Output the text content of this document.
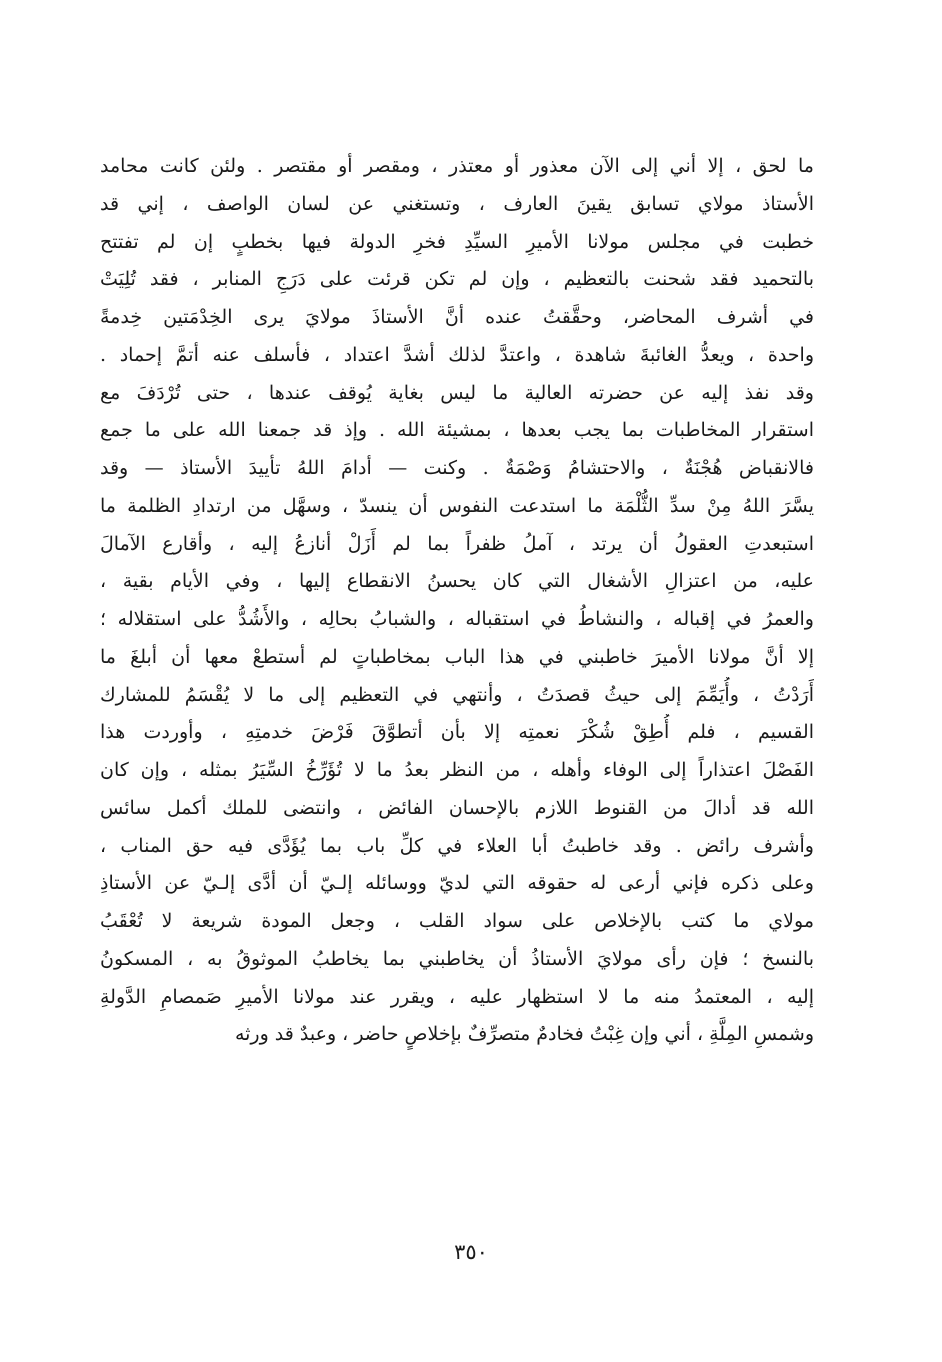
ما لحق ، إلا أني إلى الآن معذور أو معتذر ، ومقصر أو مقتصر . ولئن كانت محامد
الأستاذ مولاي تسابق يقينَ العارف ، وتستغني عن لسان الواصف ، إني قد
خطبت في مجلس مولانا الأميرِ السيِّدِ فخرِ الدولة فيها بخطبٍ إن لم تفتتح
بالتحميد فقد شحنت بالتعظيم ، وإن لم تكن قرئت على دَرَجِ المنابر ، فقد تُلِيَتْ
في أشرف المحاضر، وحقَّقتُ عنده أنَّ الأستاذَ مولايَ يرى الخِدْمَتين خِدمةً
واحدة ، ويعدُّ الغائبةَ شاهدة ، واعتدَّ لذلك أشدَّ اعتداد ، فأسلف عنه أتمَّ إحماد .
وقد نفذ إليه عن حضرته العالية ما ليس بغاية يُوقف عندها ، حتى تُرْدَفَ مع
استقرار المخاطبات بما يجب بعدها ، بمشيئة الله . وإذ قد جمعنا الله على ما جمع
فالانقباض هُجْنَةٌ ، والاحتشامُ وَصْمَةٌ . وكنت — أدامَ اللهُ تأييدَ الأستاذ — وقد
يسَّرَ اللهُ مِنْ سدِّ الثُّلْمَة ما استدعت النفوس أن ينسدّ ، وسهَّل من ارتدادِ الظلمة ما
استبعدتِ العقولُ أن يرتد ، آملُ ظفراً بما لم أَزَلْ أنازعُ إليه ، وأقارع الآمالَ
عليه، من اعتزالِ الأشغال التي كان يحسنُ الانقطاع إليها ، وفي الأيام بقية ،
والعمرُ في إقباله ، والنشاطُ في استقباله ، والشبابُ بحالِه ، والأَشُدُّ على استقلاله ؛
إلا أنَّ مولانا الأميرَ خاطبني في هذا الباب بمخاطباتٍ لم أستطعْ معها أن أبلغَ ما
أَرَدْتُ ، وأُيَمِّمَ إلى حيثُ قصدَتُ ، وأنتهي في التعظيم إلى ما لا يُقْسَمُ للمشارك
القسيم ، فلم أُطِقْ شُكْرَ نعمتِه إلا بأن أتطوَّقَ فَرْضَ خدمتِهِ ، وأوردت هذا
الفَصْلَ اعتذاراً إلى الوفاء وأهله ، من النظر بعدُ ما لا تُؤَرِّخُ السِّيَرُ بمثله ، وإن كان
الله قد أدالَ من القنوط اللازم بالإحسان الفائض ، وانتضى للملك أكمل سائس
وأشرف رائض . وقد خاطبتُ أبا العلاء في كلِّ باب بما يُؤَدَّى فيه حق المناب ،
وعلى ذكره فإني أرعى له حقوقه التي لديّ ووسائله إلـيّ أن أدَّى إلـيّ عن الأستاذِ
مولاي ما كتب بالإخلاص على سواد القلب ، وجعل المودة شريعة لا تُعْقَبُ
بالنسخ ؛ فإن رأى مولايَ الأستاذُ أن يخاطبني بما يخاطبُ الموثوقُ به ، المسكونُ
إليه ، المعتمدُ منه ما لا استظهار عليه ، ويقرر عند مولانا الأميرِ صَمصامِ الدَّولةِ
وشمسِ المِلَّةِ ، أني وإن غِبْتُ فخادمٌ متصرِّفٌ بإخلاصٍ حاضر ، وعبدٌ قد ورثه
٣٥٠
